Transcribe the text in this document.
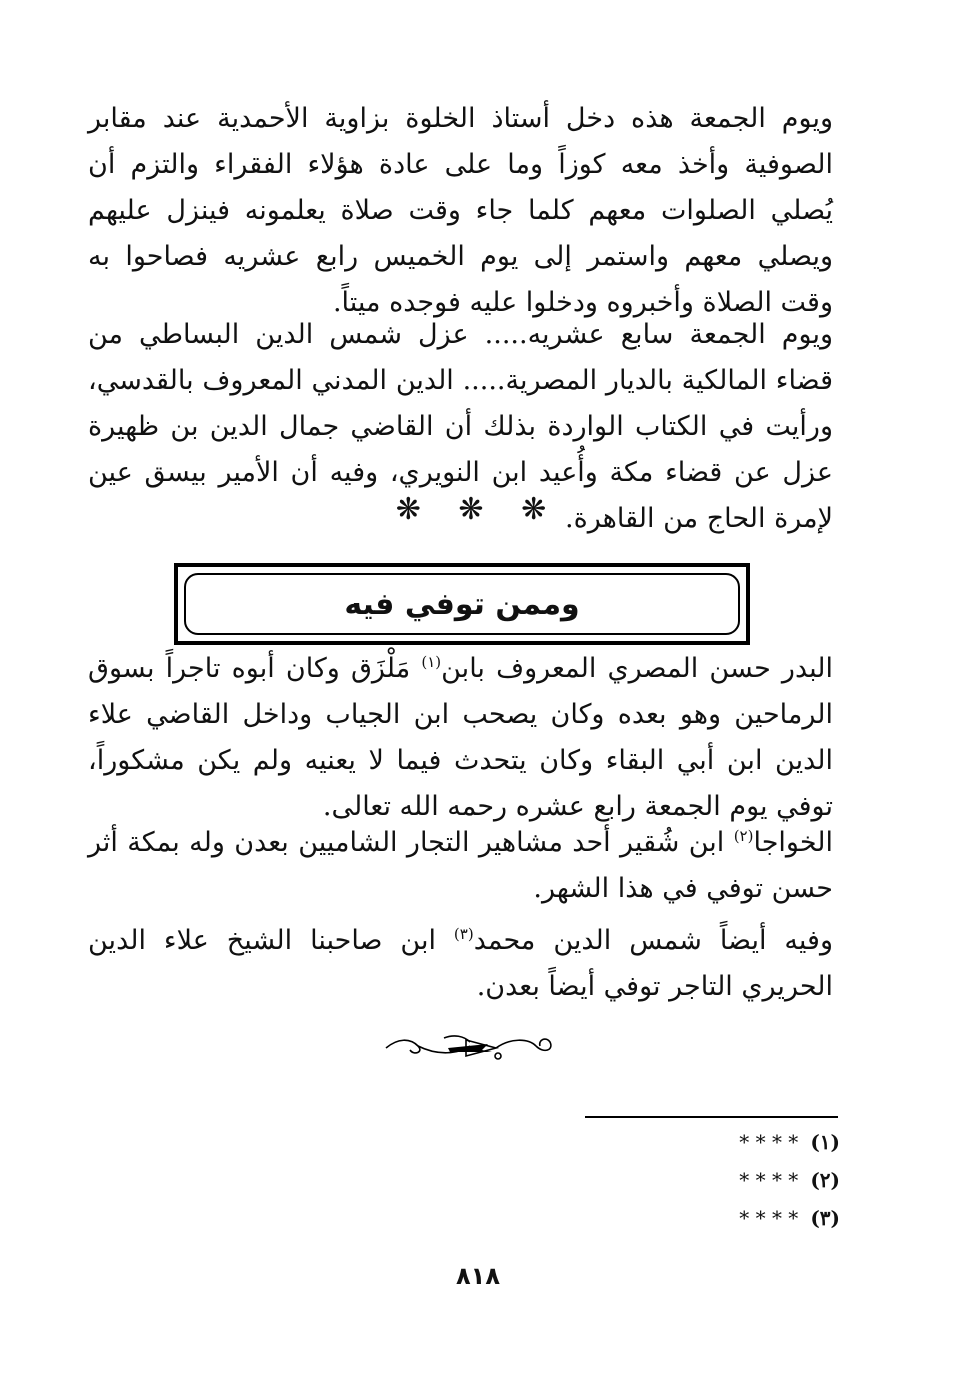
ويوم الجمعة هذه دخل أستاذ الخلوة بزاوية الأحمدية عند مقابر الصوفية وأخذ معه كوزاً وما على عادة هؤلاء الفقراء والتزم أن يُصلي الصلوات معهم كلما جاء وقت صلاة يعلمونه فينزل عليهم ويصلي معهم واستمر إلى يوم الخميس رابع عشريه فصاحوا به وقت الصلاة وأخبروه ودخلوا عليه فوجده ميتاً.

ويوم الجمعة سابع عشريه..... عزل شمس الدين البساطي من قضاء المالكية بالديار المصرية..... الدين المدني المعروف بالقدسي، ورأيت في الكتاب الواردة بذلك أن القاضي جمال الدين بن ظهيرة عزل عن قضاء مكة وأُعيد ابن النويري، وفيه أن الأمير بيسق عين لإمرة الحاج من القاهرة.

❋ ❋ ❋
وممن توفي فيه

البدر حسن المصري المعروف بابن$^{(١)}$ مَلْزَق وكان أبوه تاجراً بسوق الرماحين وهو بعده وكان يصحب ابن الجياب وداخل القاضي علاء الدين ابن أبي البقاء وكان يتحدث فيما لا يعنيه ولم يكن مشكوراً، توفي يوم الجمعة رابع عشره رحمه الله تعالى.

الخواجا$^{(٢)}$ ابن شُقير أحد مشاهير التجار الشاميين بعدن وله بمكة أثر حسن توفي في هذا الشهر.

وفيه أيضاً شمس الدين محمد$^{(٣)}$ ابن صاحبنا الشيخ علاء الدين الحريري التاجر توفي أيضاً بعدن.

(١)* * * *
(٢)* * * *
(٣)* * * *
٨١٨
